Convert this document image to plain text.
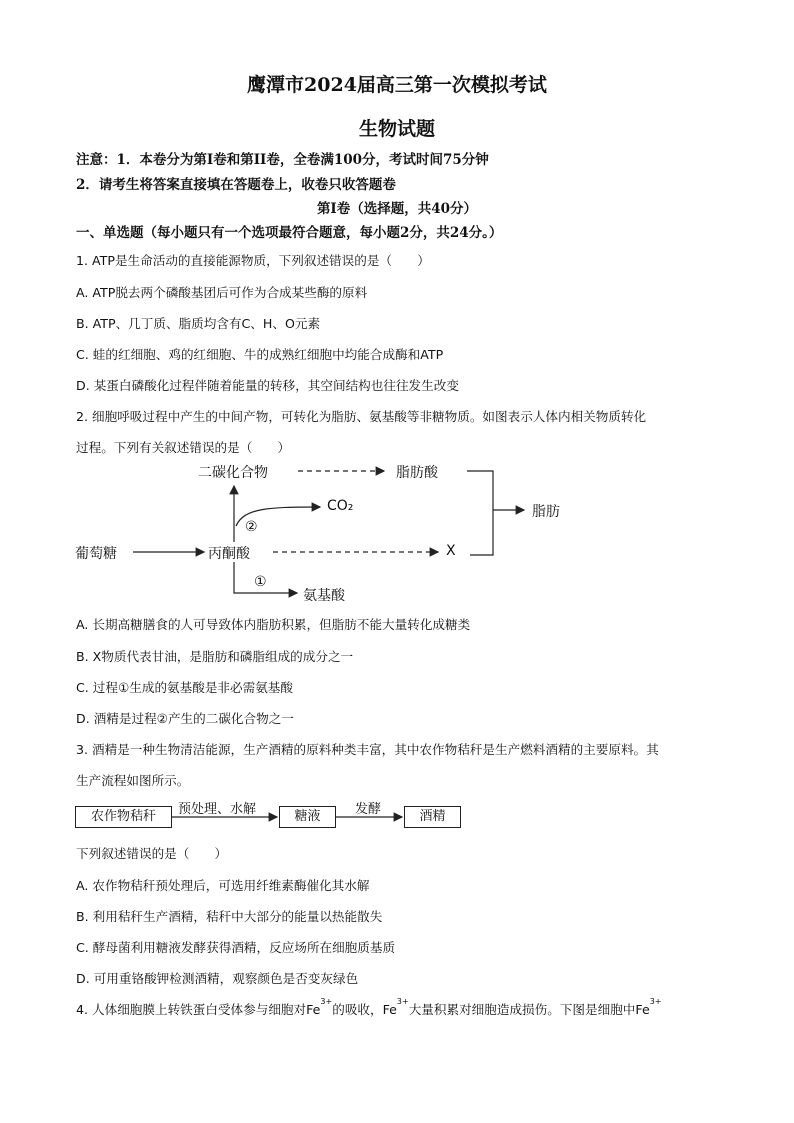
鹰潭市2024届高三第一次模拟考试
生物试题
注意：1．本卷分为第I卷和第II卷，全卷满100分，考试时间75分钟
2．请考生将答案直接填在答题卷上，收卷只收答题卷
第I卷（选择题，共40分）
一、单选题（每小题只有一个选项最符合题意，每小题2分，共24分。）
1. ATP是生命活动的直接能源物质，下列叙述错误的是（　　）
A. ATP脱去两个磷酸基团后可作为合成某些酶的原料
B. ATP、几丁质、脂质均含有C、H、O元素
C. 蛙的红细胞、鸡的红细胞、牛的成熟红细胞中均能合成酶和ATP
D. 某蛋白磷酸化过程伴随着能量的转移，其空间结构也往往发生改变
2. 细胞呼吸过程中产生的中间产物，可转化为脂肪、氨基酸等非糖物质。如图表示人体内相关物质转化
过程。下列有关叙述错误的是（　　）
二碳化合物	脂肪酸
CO₂	脂肪
葡萄糖	丙酮酸	X
氨基酸
②
①
A. 长期高糖膳食的人可导致体内脂肪积累，但脂肪不能大量转化成糖类
B. X物质代表甘油，是脂肪和磷脂组成的成分之一
C. 过程①生成的氨基酸是非必需氨基酸
D. 酒精是过程②产生的二碳化合物之一
3. 酒精是一种生物清洁能源，生产酒精的原料种类丰富，其中农作物秸秆是生产燃料酒精的主要原料。其
生产流程如图所示。
农作物秸秆	预处理、水解	糖液	发酵	酒精
下列叙述错误的是（　　）
A. 农作物秸秆预处理后，可选用纤维素酶催化其水解
B. 利用秸秆生产酒精，秸秆中大部分的能量以热能散失
C. 酵母菌利用糖液发酵获得酒精，反应场所在细胞质基质
D. 可用重铬酸钾检测酒精，观察颜色是否变灰绿色
4. 人体细胞膜上转铁蛋白受体参与细胞对$Fe^{3+}$的吸收，$Fe^{3+}$大量积累对细胞造成损伤。下图是细胞中$Fe^{3+}$
